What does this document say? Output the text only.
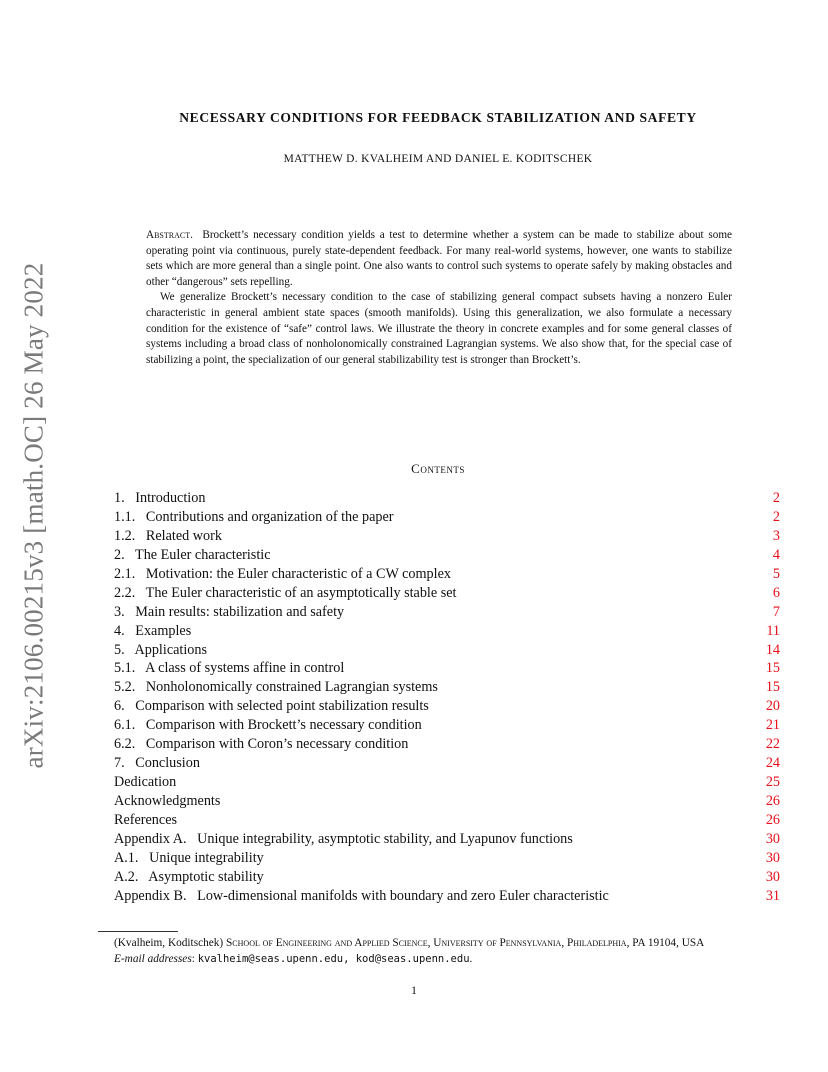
arXiv:2106.00215v3 [math.OC] 26 May 2022
NECESSARY CONDITIONS FOR FEEDBACK STABILIZATION AND SAFETY
MATTHEW D. KVALHEIM AND DANIEL E. KODITSCHEK

Abstract. Brockett’s necessary condition yields a test to determine whether a system can be made to stabilize about some operating point via continuous, purely state-dependent feedback. For many real-world systems, however, one wants to stabilize sets which are more general than a single point. One also wants to control such systems to operate safely by making obstacles and other “dangerous” sets repelling.

We generalize Brockett’s necessary condition to the case of stabilizing general compact subsets having a nonzero Euler characteristic in general ambient state spaces (smooth manifolds). Using this generalization, we also formulate a necessary condition for the existence of “safe” control laws. We illustrate the theory in concrete examples and for some general classes of systems including a broad class of nonholonomically constrained Lagrangian systems. We also show that, for the special case of stabilizing a point, the specialization of our general stabilizability test is stronger than Brockett’s.

Contents
1.   Introduction	2
1.1.   Contributions and organization of the paper	2
1.2.   Related work	3
2.   The Euler characteristic	4
2.1.   Motivation: the Euler characteristic of a CW complex	5
2.2.   The Euler characteristic of an asymptotically stable set	6
3.   Main results: stabilization and safety	7
4.   Examples	11
5.   Applications	14
5.1.   A class of systems affine in control	15
5.2.   Nonholonomically constrained Lagrangian systems	15
6.   Comparison with selected point stabilization results	20
6.1.   Comparison with Brockett’s necessary condition	21
6.2.   Comparison with Coron’s necessary condition	22
7.   Conclusion	24
Dedication	25
Acknowledgments	26
References	26
Appendix A.   Unique integrability, asymptotic stability, and Lyapunov functions	30
A.1.   Unique integrability	30
A.2.   Asymptotic stability	30
Appendix B.   Low-dimensional manifolds with boundary and zero Euler characteristic	31

(Kvalheim, Koditschek) School of Engineering and Applied Science, University of Pennsylvania, Philadelphia, PA 19104, USA

E-mail addresses: kvalheim@seas.upenn.edu, kod@seas.upenn.edu.

1
